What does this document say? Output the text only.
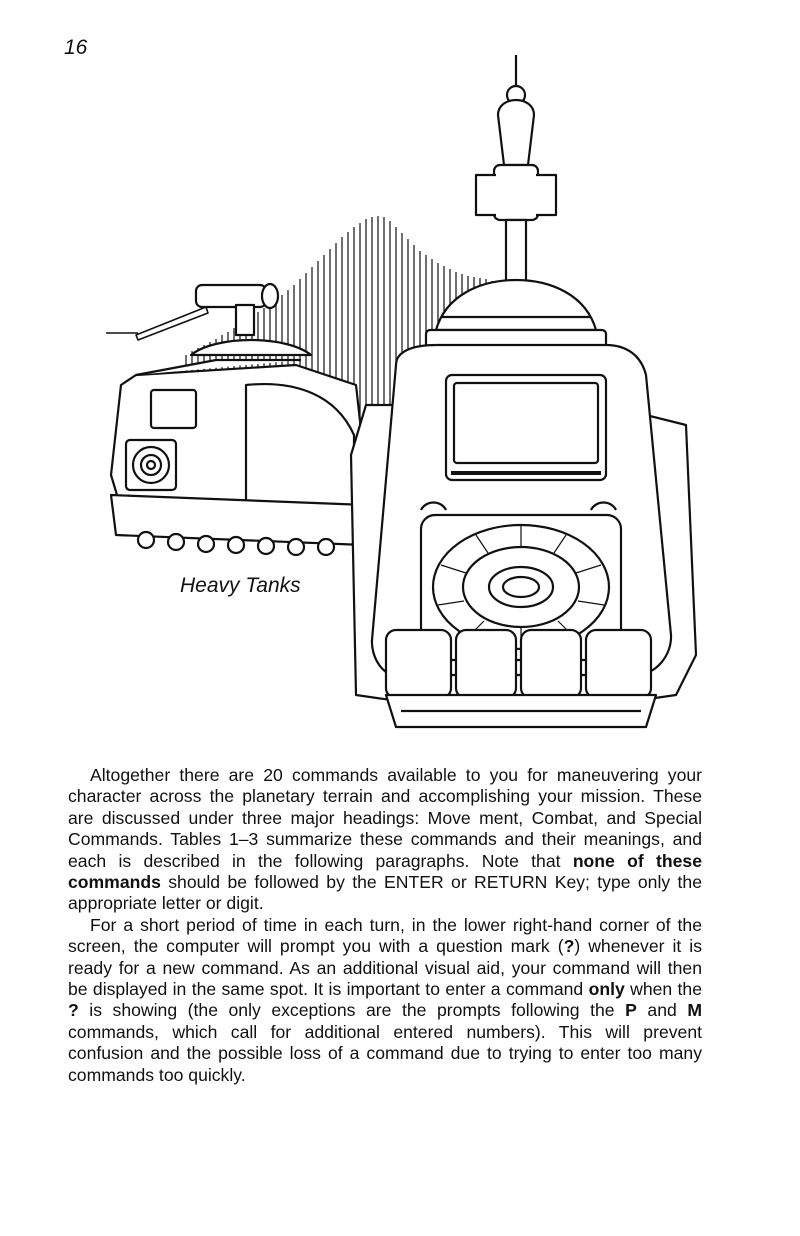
16
Heavy Tanks

Altogether there are 20 commands available to you for maneuvering your character across the planetary terrain and accomplishing your mission. These are discussed under three major headings: Move ment, Combat, and Special Commands. Tables 1–3 summarize these commands and their meanings, and each is described in the following paragraphs. Note that none of these commands should be followed by the ENTER or RETURN Key; type only the appropriate letter or digit.

For a short period of time in each turn, in the lower right-hand corner of the screen, the computer will prompt you with a question mark (?) whenever it is ready for a new command. As an additional visual aid, your command will then be displayed in the same spot. It is important to enter a command only when the ? is showing (the only exceptions are the prompts following the P and M commands, which call for additional entered numbers). This will prevent confusion and the possible loss of a command due to trying to enter too many commands too quickly.
